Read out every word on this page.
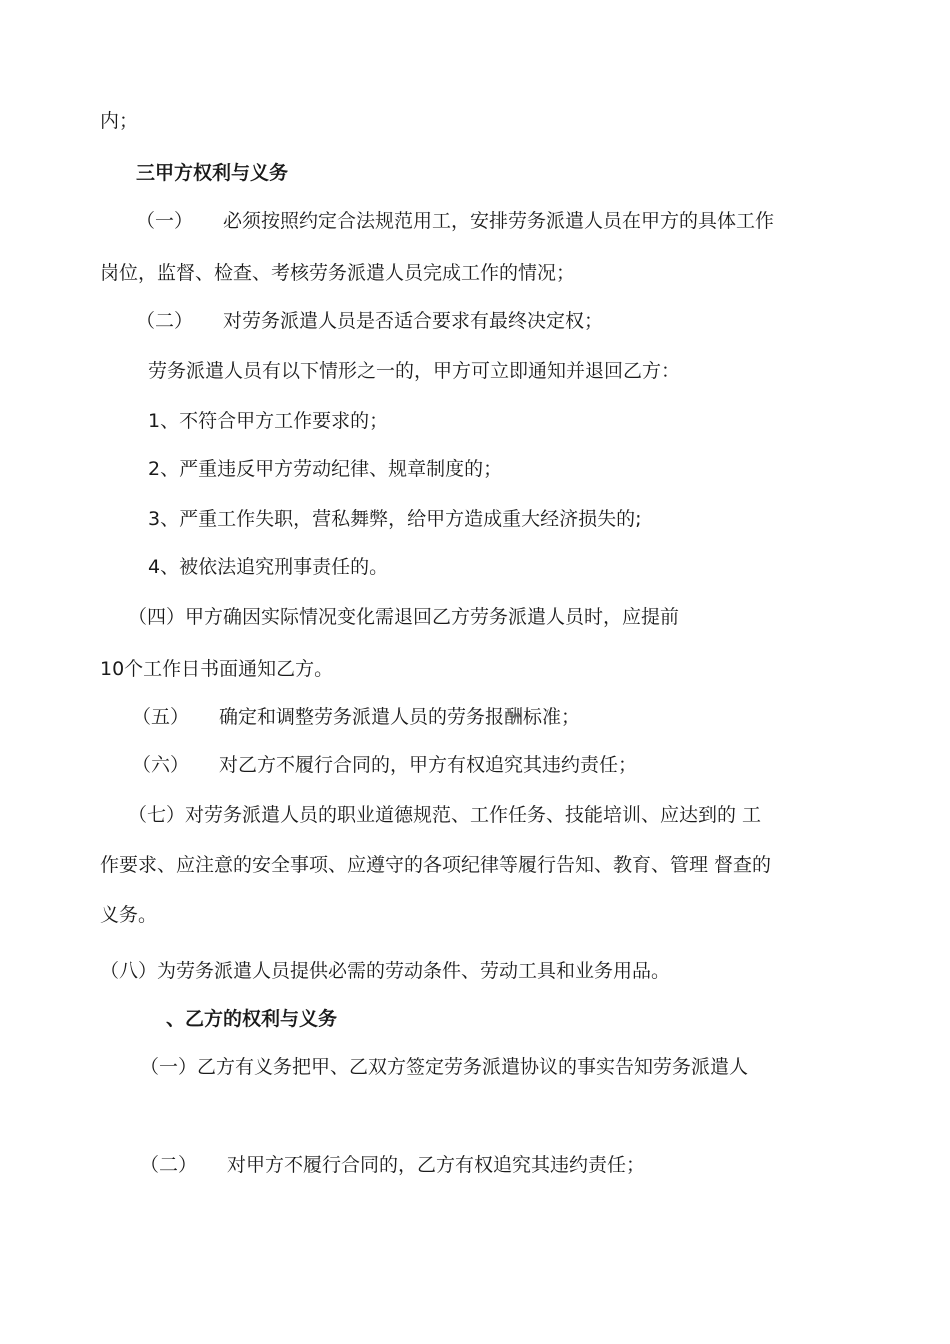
内；

三甲方权利与义务

（一） 必须按照约定合法规范用工，安排劳务派遣人员在甲方的具体工作

岗位，监督、检查、考核劳务派遣人员完成工作的情况；

（二） 对劳务派遣人员是否适合要求有最终决定权；

劳务派遣人员有以下情形之一的，甲方可立即通知并退回乙方：

1、不符合甲方工作要求的；

2、严重违反甲方劳动纪律、规章制度的；

3、严重工作失职，营私舞弊，给甲方造成重大经济损失的;

4、被依法追究刑事责任的。

（四）甲方确因实际情况变化需退回乙方劳务派遣人员时，应提前

10个工作日书面通知乙方。

（五） 确定和调整劳务派遣人员的劳务报酬标准；

（六） 对乙方不履行合同的，甲方有权追究其违约责任；

（七）对劳务派遣人员的职业道德规范、工作任务、技能培训、应达到的 工

作要求、应注意的安全事项、应遵守的各项纪律等履行告知、教育、管理 督查的

义务。

（八）为劳务派遣人员提供必需的劳动条件、劳动工具和业务用品。

、乙方的权利与义务

（一）乙方有义务把甲、乙双方签定劳务派遣协议的事实告知劳务派遣人

（二） 对甲方不履行合同的，乙方有权追究其违约责任；
